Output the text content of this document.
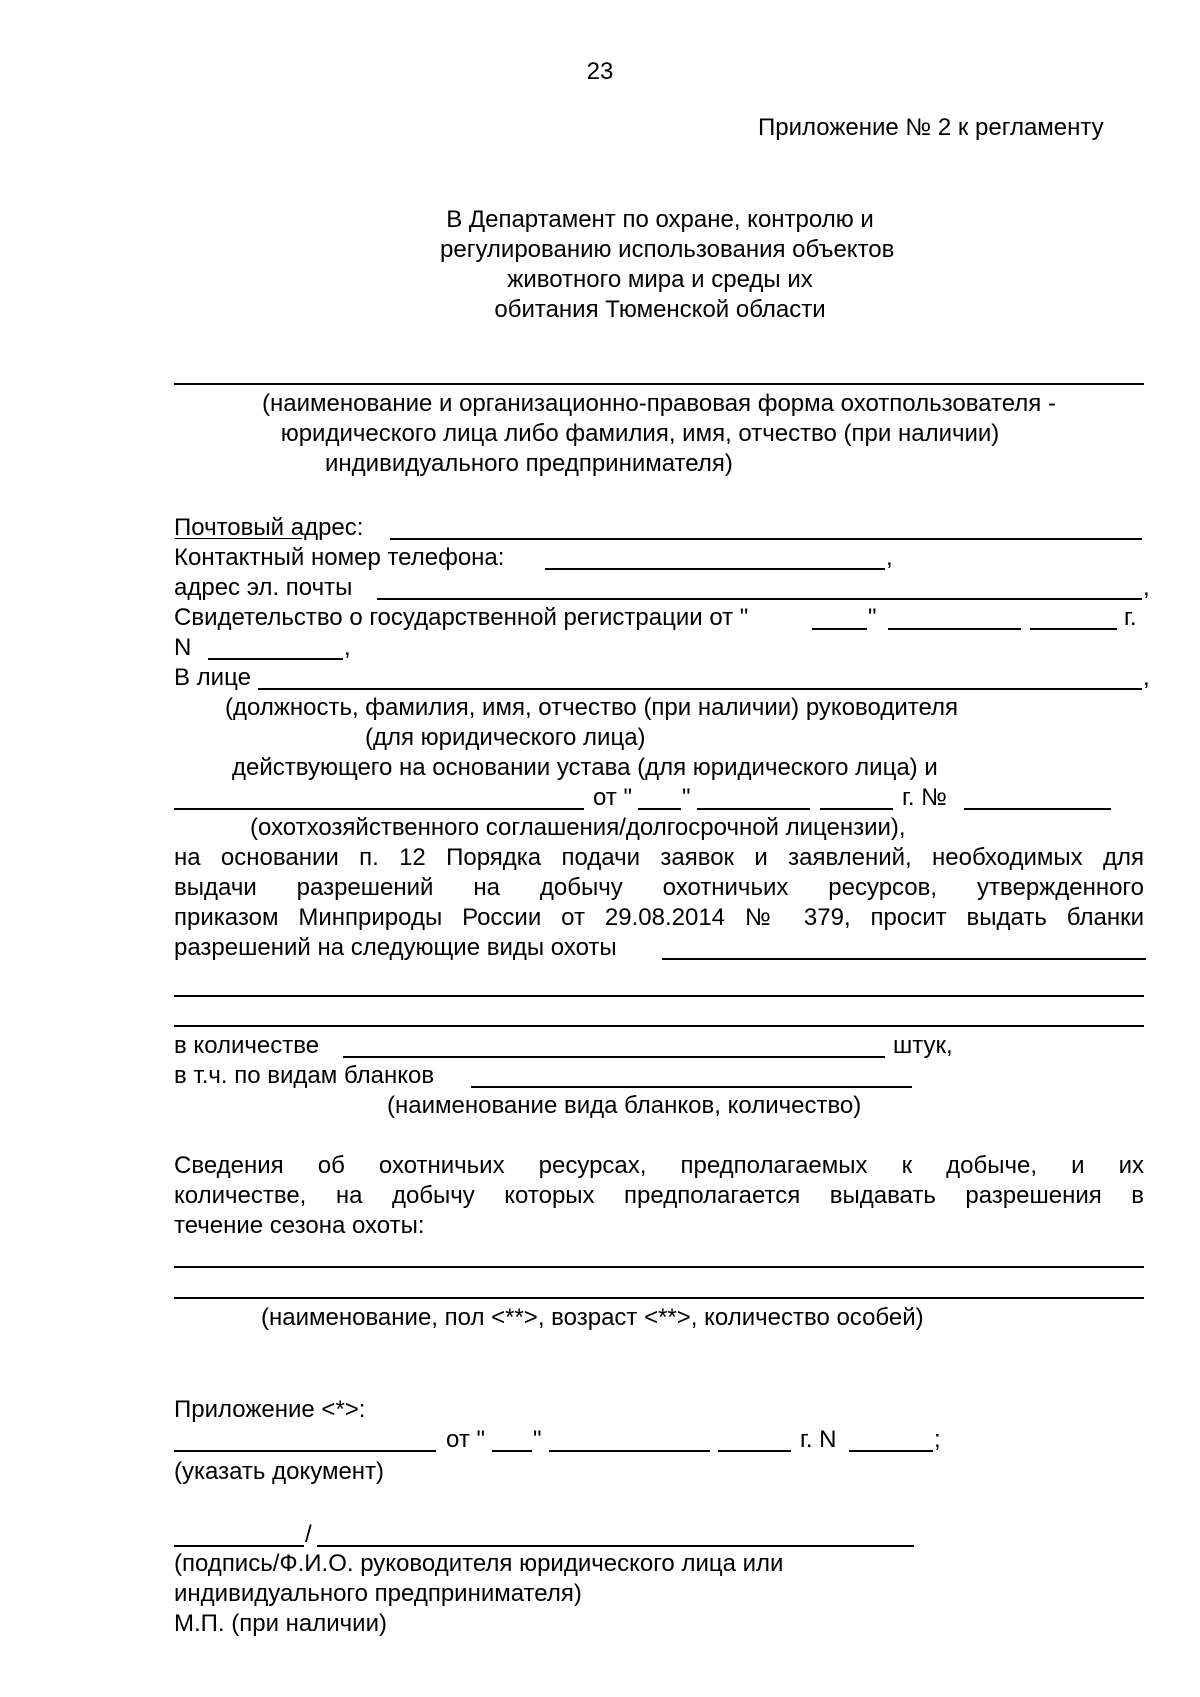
23
Приложение № 2 к регламенту
В Департамент по охране, контролю и
регулированию использования объектов
животного мира и среды их
обитания Тюменской области
(наименование и организационно-правовая форма охотпользователя -
юридического лица либо фамилия, имя, отчество (при наличии)
индивидуального предпринимателя)
Почтовый адрес:
Контактный номер телефона:	,
адрес эл. почты	,
Свидетельство о государственной регистрации от "	"	г.
N	,
В лице	,
(должность, фамилия, имя, отчество (при наличии) руководителя
(для юридического лица)
действующего на основании устава (для юридического лица) и
от " "	г. №
(охотхозяйственного соглашения/долгосрочной лицензии),
на основании п. 12 Порядка подачи заявок и заявлений, необходимых для
выдачи разрешений на добычу охотничьих ресурсов, утвержденного
приказом Минприроды России от 29.08.2014 № 379, просит выдать бланки
разрешений на следующие виды охоты
в количестве	штук,
в т.ч. по видам бланков
(наименование вида бланков, количество)
Сведения об охотничьих ресурсах, предполагаемых к добыче, и их
количестве, на добычу которых предполагается выдавать разрешения в
течение сезона охоты:
(наименование, пол <**>, возраст <**>, количество особей)
Приложение <*>:
от " "	г. N	;
(указать документ)
/
(подпись/Ф.И.О. руководителя юридического лица или
индивидуального предпринимателя)
М.П. (при наличии)
